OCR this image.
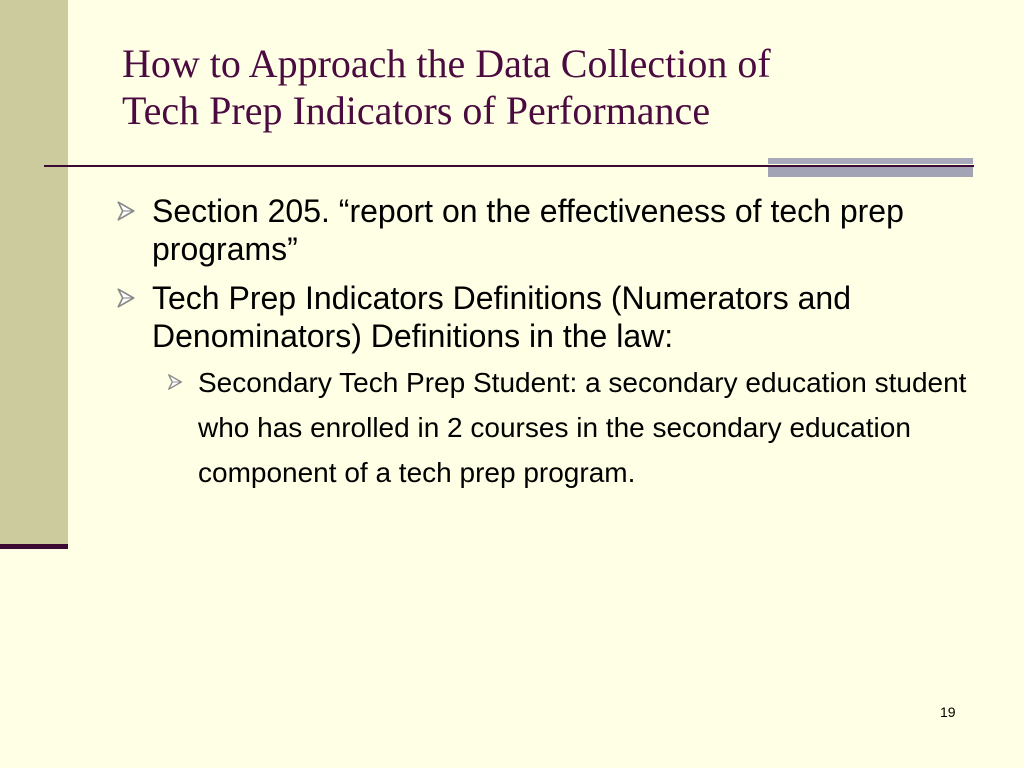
How to Approach the Data Collection of
Tech Prep Indicators of Performance
Section 205. “report on the effectiveness of tech prep programs”
Tech Prep Indicators Definitions (Numerators and Denominators) Definitions in the law:
Secondary Tech Prep Student: a secondary education student who has enrolled in 2 courses in the secondary education component of a tech prep program.
19
